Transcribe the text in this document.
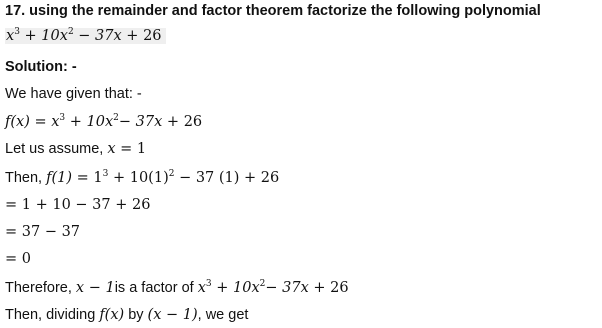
17. using the remainder and factor theorem factorize the following polynomial
$x^3 + 10x^2 - 37x + 26$
Solution: -
We have given that: -
$f(x) = x^3 + 10x^2- 37x + 26$
Let us assume, x = 1
Then, $f(1) = 1^3 + 10(1)^2 - 37$ (1) + 26
= 1 + 10 − 37 + 26
= 37 − 37
= 0
Therefore, x − 1is a factor of $x^3 + 10x^2- 37x + 26$
Then, dividing f(x) by (x − 1), we get
